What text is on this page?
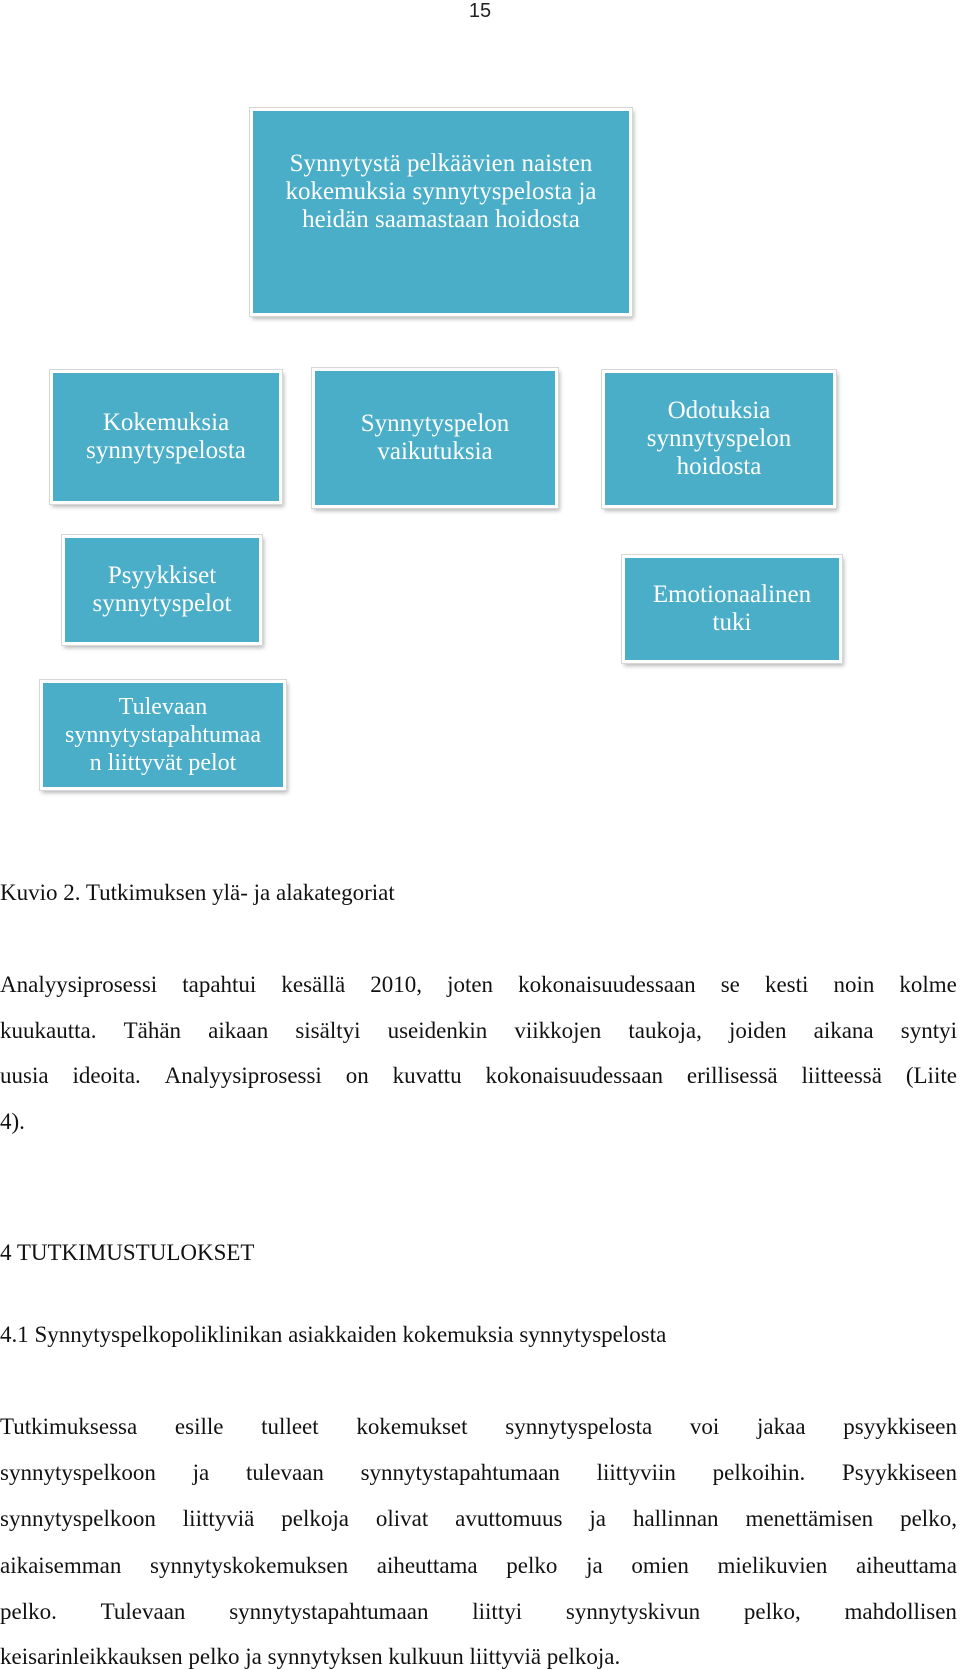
15
Synnytystä pelkäävien naisten
kokemuksia synnytyspelosta ja
heidän saamastaan hoidosta
Kokemuksia
synnytyspelosta
Synnytyspelon
vaikutuksia
Odotuksia
synnytyspelon
hoidosta
Psyykkiset
synnytyspelot	Emotionaalinen
tuki
Tulevaan
synnytystapahtumaa
n liittyvät pelot
Kuvio 2. Tutkimuksen ylä- ja alakategoriat
Analyysiprosessi tapahtui kesällä 2010, joten kokonaisuudessaan se kesti noin kolme
kuukautta. Tähän aikaan sisältyi useidenkin viikkojen taukoja, joiden aikana syntyi
uusia ideoita. Analyysiprosessi on kuvattu kokonaisuudessaan erillisessä liitteessä (Liite
4).
4 TUTKIMUSTULOKSET
4.1 Synnytyspelkopoliklinikan asiakkaiden kokemuksia synnytyspelosta
Tutkimuksessa esille tulleet kokemukset synnytyspelosta voi jakaa psyykkiseen
synnytyspelkoon ja tulevaan synnytystapahtumaan liittyviin pelkoihin. Psyykkiseen
synnytyspelkoon liittyviä pelkoja olivat avuttomuus ja hallinnan menettämisen pelko,
aikaisemman synnytyskokemuksen aiheuttama pelko ja omien mielikuvien aiheuttama
pelko. Tulevaan synnytystapahtumaan liittyi synnytyskivun pelko, mahdollisen
keisarinleikkauksen pelko ja synnytyksen kulkuun liittyviä pelkoja.
